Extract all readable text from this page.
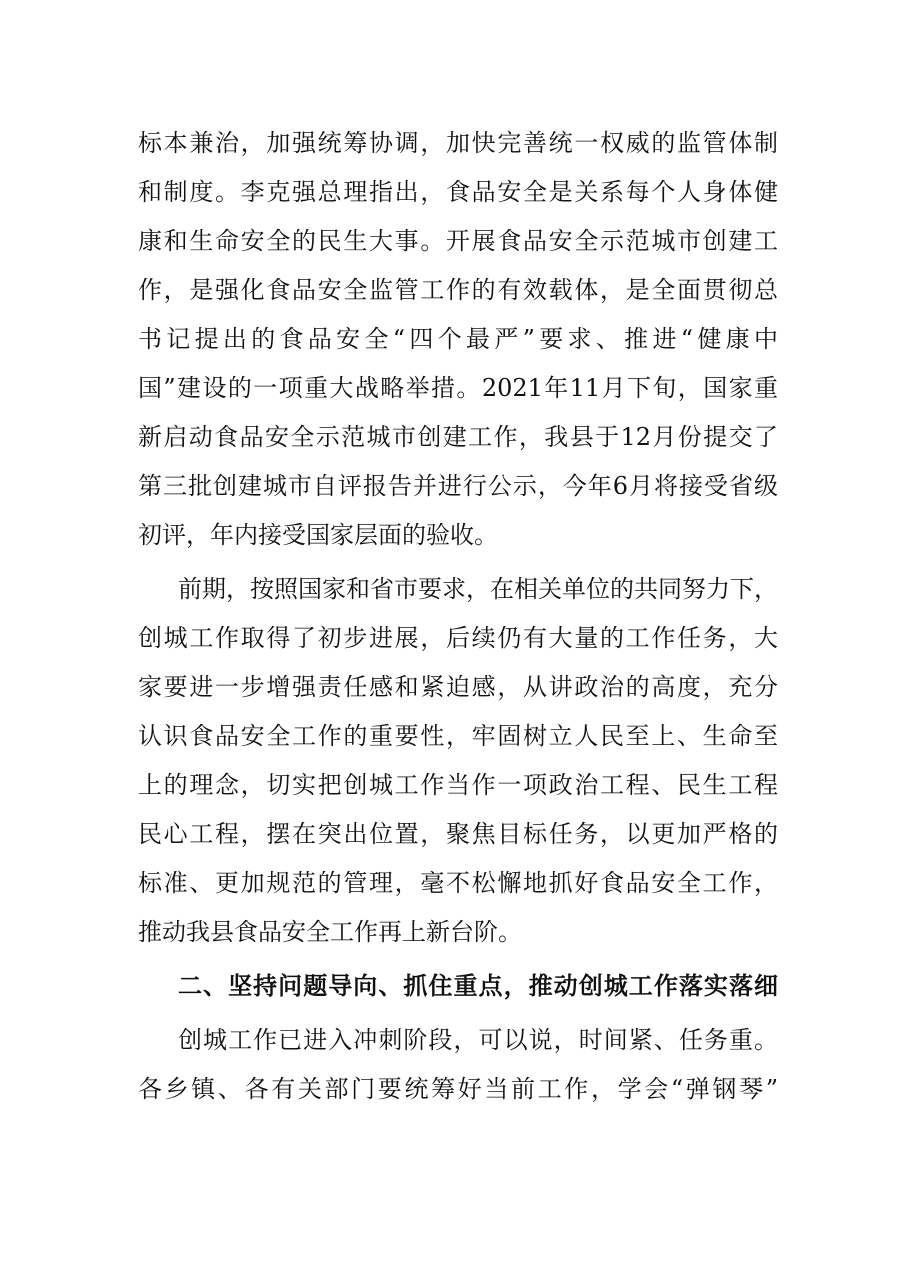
标本兼治，加强统筹协调，加快完善统一权威的监管体制
和制度。李克强总理指出，食品安全是关系每个人身体健
康和生命安全的民生大事。开展食品安全示范城市创建工
作，是强化食品安全监管工作的有效载体，是全面贯彻总
书记提出的食品安全“四个最严”要求、推进“健康中
国”建设的一项重大战略举措。2021年11月下旬，国家重
新启动食品安全示范城市创建工作，我县于12月份提交了
第三批创建城市自评报告并进行公示，今年6月将接受省级
初评，年内接受国家层面的验收。
前期，按照国家和省市要求，在相关单位的共同努力下，
创城工作取得了初步进展，后续仍有大量的工作任务，大
家要进一步增强责任感和紧迫感，从讲政治的高度，充分
认识食品安全工作的重要性，牢固树立人民至上、生命至
上的理念，切实把创城工作当作一项政治工程、民生工程
民心工程，摆在突出位置，聚焦目标任务，以更加严格的
标准、更加规范的管理，毫不松懈地抓好食品安全工作，
推动我县食品安全工作再上新台阶。
二、坚持问题导向、抓住重点，推动创城工作落实落细
创城工作已进入冲刺阶段，可以说，时间紧、任务重。
各乡镇、各有关部门要统筹好当前工作，学会“弹钢琴”
